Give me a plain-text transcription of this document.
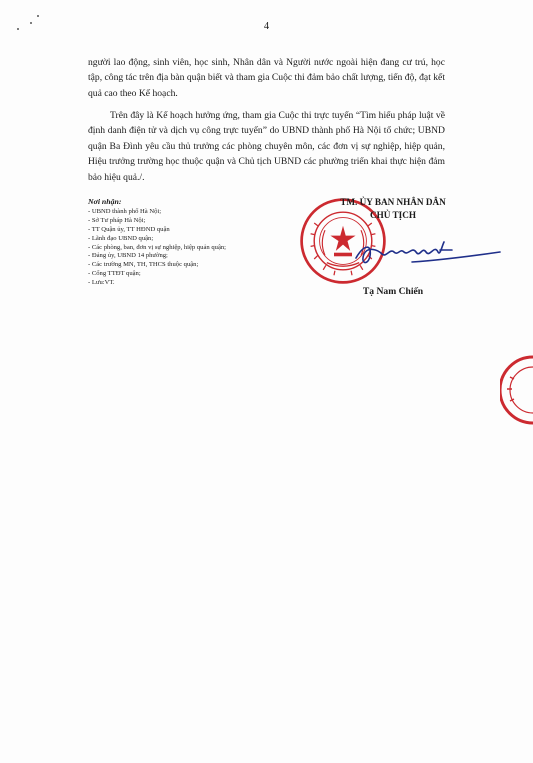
4

người lao động, sinh viên, học sinh, Nhân dân và Người nước ngoài hiện đang cư trú, học tập, công tác trên địa bàn quận biết và tham gia Cuộc thi đảm bảo chất lượng, tiến độ, đạt kết quả cao theo Kế hoạch.

Trên đây là Kế hoạch hưởng ứng, tham gia Cuộc thi trực tuyến “Tìm hiểu pháp luật về định danh điện tử và dịch vụ công trực tuyến” do UBND thành phố Hà Nội tổ chức; UBND quận Ba Đình yêu cầu thủ trưởng các phòng chuyên môn, các đơn vị sự nghiệp, hiệp quản, Hiệu trưởng trường học thuộc quận và Chủ tịch UBND các phường triển khai thực hiện đảm bảo hiệu quả./.

Nơi nhận:
- UBND thành phố Hà Nội;
- Sở Tư pháp Hà Nội;
- TT Quận ủy, TT HĐND quận
- Lãnh đạo UBND quận;
- Các phòng, ban, đơn vị sự nghiệp, hiệp quản quận;
- Đảng ủy, UBND 14 phường;
- Các trường MN, TH, THCS thuộc quận;
- Cổng TTĐT quận;
- Lưu:VT.
TM. ỦY BAN NHÂN DÂN
CHỦ TỊCH
Tạ Nam Chiến
